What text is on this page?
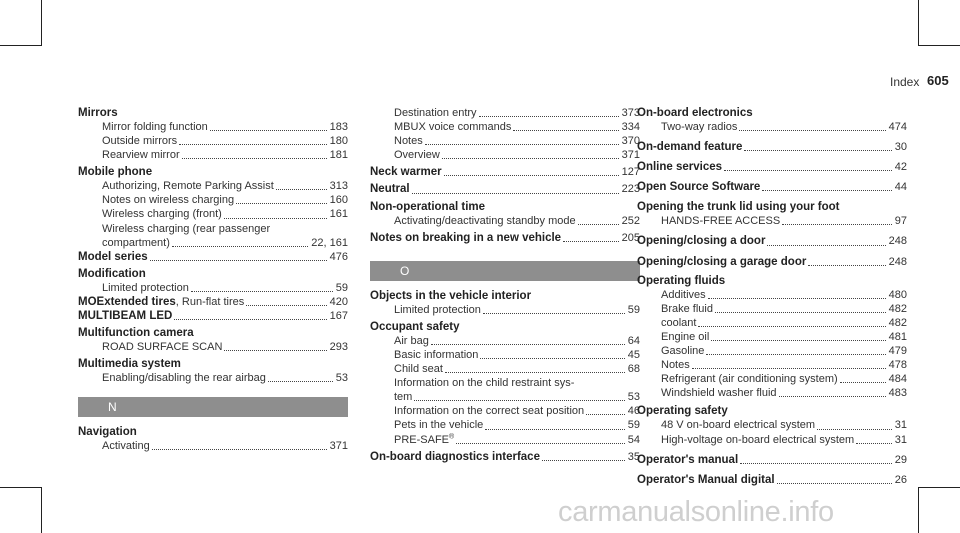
Index 605
Mirrors
Mirror folding function	183
Outside mirrors	180
Rearview mirror	181
Mobile phone
Authorizing, Remote Parking Assist	313
Notes on wireless charging	160
Wireless charging (front)	161
Wireless charging (rear passenger
compartment)	22, 161
Model series	476
Modification
Limited protection	59
MOExtended tires, Run-flat tires	420
MULTIBEAM LED	167
Multifunction camera
ROAD SURFACE SCAN	293
Multimedia system
Enabling/disabling the rear airbag	53
N
Navigation
Activating	371
Destination entry	373
MBUX voice commands	334
Notes	370
Overview	371
Neck warmer	127
Neutral	223
Non-operational time
Activating/deactivating standby mode	252
Notes on breaking in a new vehicle	205
O
Objects in the vehicle interior
Limited protection	59
Occupant safety
Air bag	64
Basic information	45
Child seat	68
Information on the child restraint sys-
tem	53
Information on the correct seat position	46
Pets in the vehicle	59
PRE-SAFE®	54
On-board diagnostics interface	35
On-board electronics
Two-way radios	474
On-demand feature	30
Online services	42
Open Source Software	44
Opening the trunk lid using your foot
HANDS-FREE ACCESS	97
Opening/closing a door	248
Opening/closing a garage door	248
Operating fluids
Additives	480
Brake fluid	482
coolant	482
Engine oil	481
Gasoline	479
Notes	478
Refrigerant (air conditioning system)	484
Windshield washer fluid	483
Operating safety
48 V on-board electrical system	31
High-voltage on-board electrical system	31
Operator's manual	29
Operator's Manual digital	26
carmanualsonline.info
